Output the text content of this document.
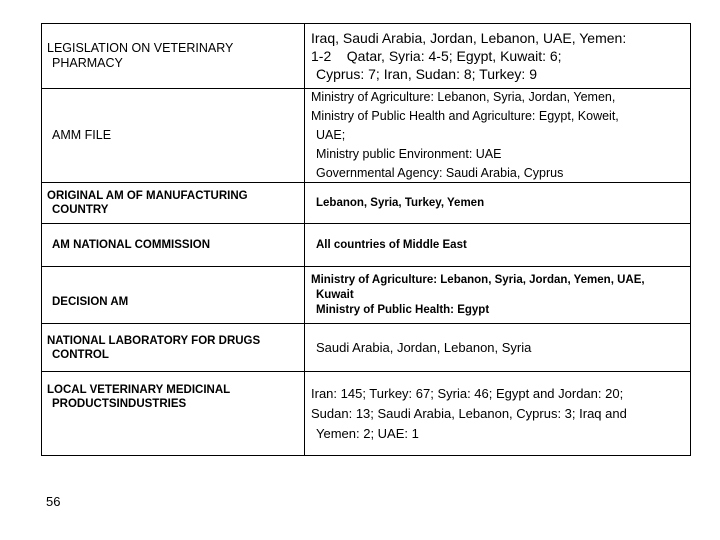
LEGISLATION ON VETERINARY
PHARMACY
Iraq, Saudi Arabia, Jordan, Lebanon, UAE, Yemen:
1-2    Qatar, Syria: 4-5; Egypt, Kuwait: 6;
Cyprus: 7; Iran, Sudan: 8; Turkey: 9
AMM FILE
Ministry of Agriculture: Lebanon, Syria, Jordan, Yemen,
Ministry of Public Health and Agriculture: Egypt, Koweit,
UAE;
Ministry public Environment: UAE
Governmental Agency: Saudi Arabia, Cyprus
ORIGINAL AM OF MANUFACTURING
COUNTRY
Lebanon, Syria, Turkey, Yemen
AM NATIONAL COMMISSION	All countries of Middle East
DECISION AM
Ministry of Agriculture: Lebanon, Syria, Jordan, Yemen, UAE,
Kuwait
Ministry of Public Health: Egypt
NATIONAL LABORATORY FOR DRUGS
CONTROL	Saudi Arabia, Jordan, Lebanon, Syria
LOCAL VETERINARY MEDICINAL
PRODUCTSINDUSTRIES
Iran: 145; Turkey: 67; Syria: 46; Egypt and Jordan: 20;
Sudan: 13; Saudi Arabia, Lebanon, Cyprus: 3; Iraq and
Yemen: 2; UAE: 1
56
